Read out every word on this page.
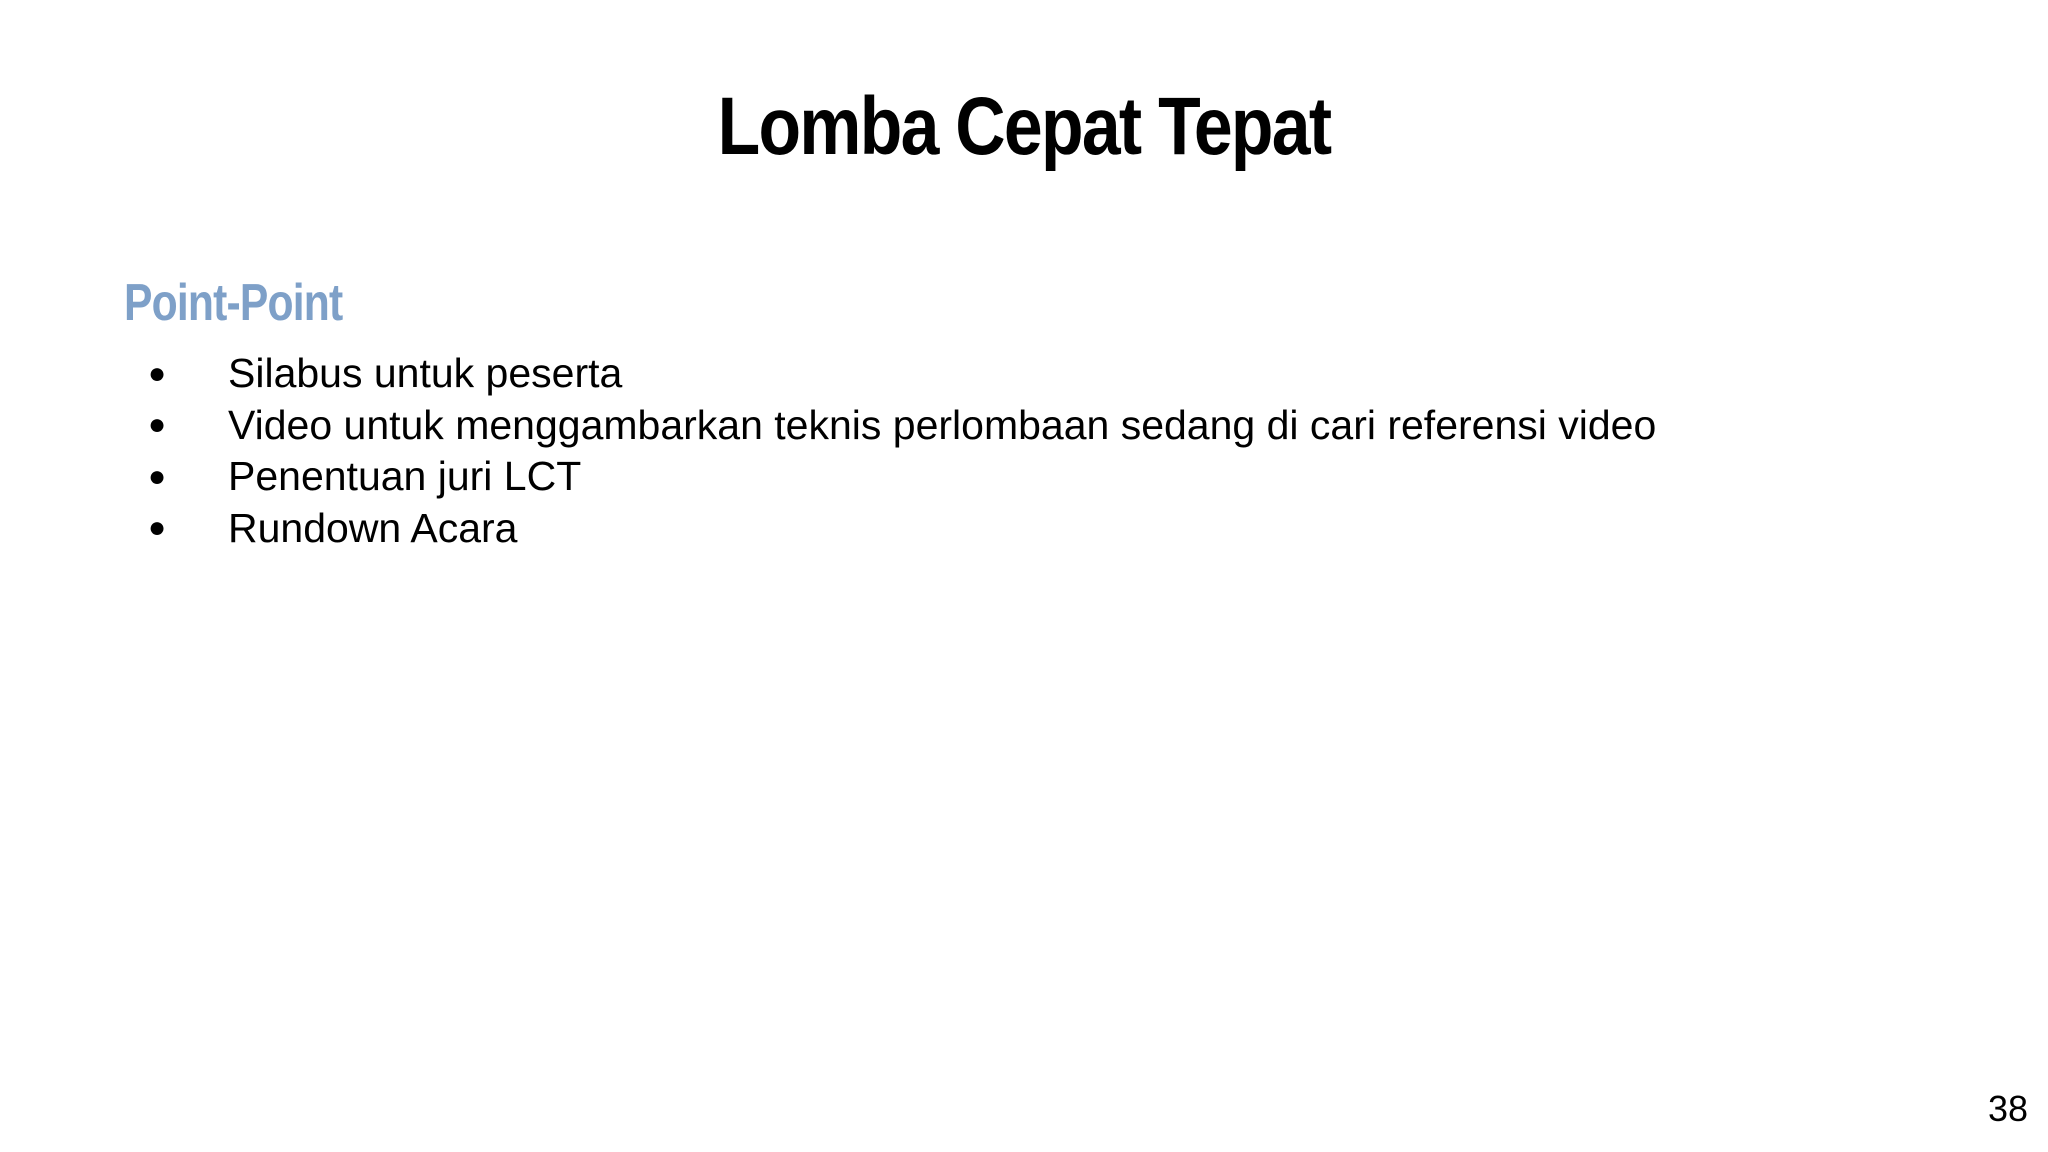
Lomba Cepat Tepat
Point-Point
●	Silabus untuk peserta
●	Video untuk menggambarkan teknis perlombaan sedang di cari referensi video
●	Penentuan juri LCT
●	Rundown Acara
38
